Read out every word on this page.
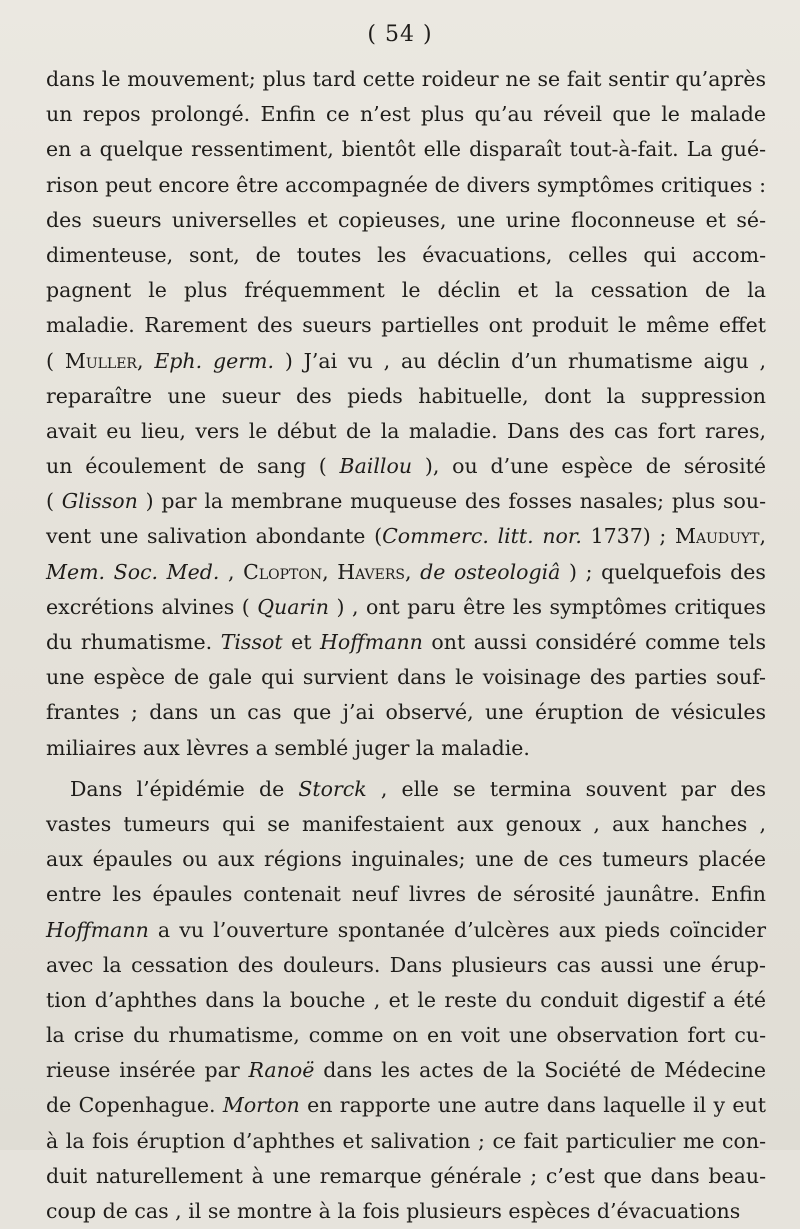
( 54 )
dans le mouvement; plus tard cette roideur ne se fait sentir qu’après
un repos prolongé. Enfin ce n’est plus qu’au réveil que le malade
en a quelque ressentiment, bientôt elle disparaît tout-à-fait. La gué-
rison peut encore être accompagnée de divers symptômes critiques :
des sueurs universelles et copieuses, une urine floconneuse et sé-
dimenteuse, sont, de toutes les évacuations, celles qui accom-
pagnent le plus fréquemment le déclin et la cessation de la
maladie. Rarement des sueurs partielles ont produit le même effet
( Muller, Eph. germ. ) J’ai vu , au déclin d’un rhumatisme aigu ,
reparaître une sueur des pieds habituelle, dont la suppression
avait eu lieu, vers le début de la maladie. Dans des cas fort rares,
un écoulement de sang ( Baillou ), ou d’une espèce de sérosité
( Glisson ) par la membrane muqueuse des fosses nasales; plus sou-
vent une salivation abondante (Commerc. litt. nor. 1737) ; Mauduyt,
Mem. Soc. Med. , Clopton, Havers, de osteologiâ ) ; quelquefois des
excrétions alvines ( Quarin ) , ont paru être les symptômes critiques
du rhumatisme. Tissot et Hoffmann ont aussi considéré comme tels
une espèce de gale qui survient dans le voisinage des parties souf-
frantes ; dans un cas que j’ai observé, une éruption de vésicules
miliaires aux lèvres a semblé juger la maladie.
Dans l’épidémie de Storck , elle se termina souvent par des
vastes tumeurs qui se manifestaient aux genoux , aux hanches ,
aux épaules ou aux régions inguinales; une de ces tumeurs placée
entre les épaules contenait neuf livres de sérosité jaunâtre. Enfin
Hoffmann a vu l’ouverture spontanée d’ulcères aux pieds coïncider
avec la cessation des douleurs. Dans plusieurs cas aussi une érup-
tion d’aphthes dans la bouche , et le reste du conduit digestif a été
la crise du rhumatisme, comme on en voit une observation fort cu-
rieuse insérée par Ranoë dans les actes de la Société de Médecine
de Copenhague. Morton en rapporte une autre dans laquelle il y eut
à la fois éruption d’aphthes et salivation ; ce fait particulier me con-
duit naturellement à une remarque générale ; c’est que dans beau-
coup de cas , il se montre à la fois plusieurs espèces d’évacuations
